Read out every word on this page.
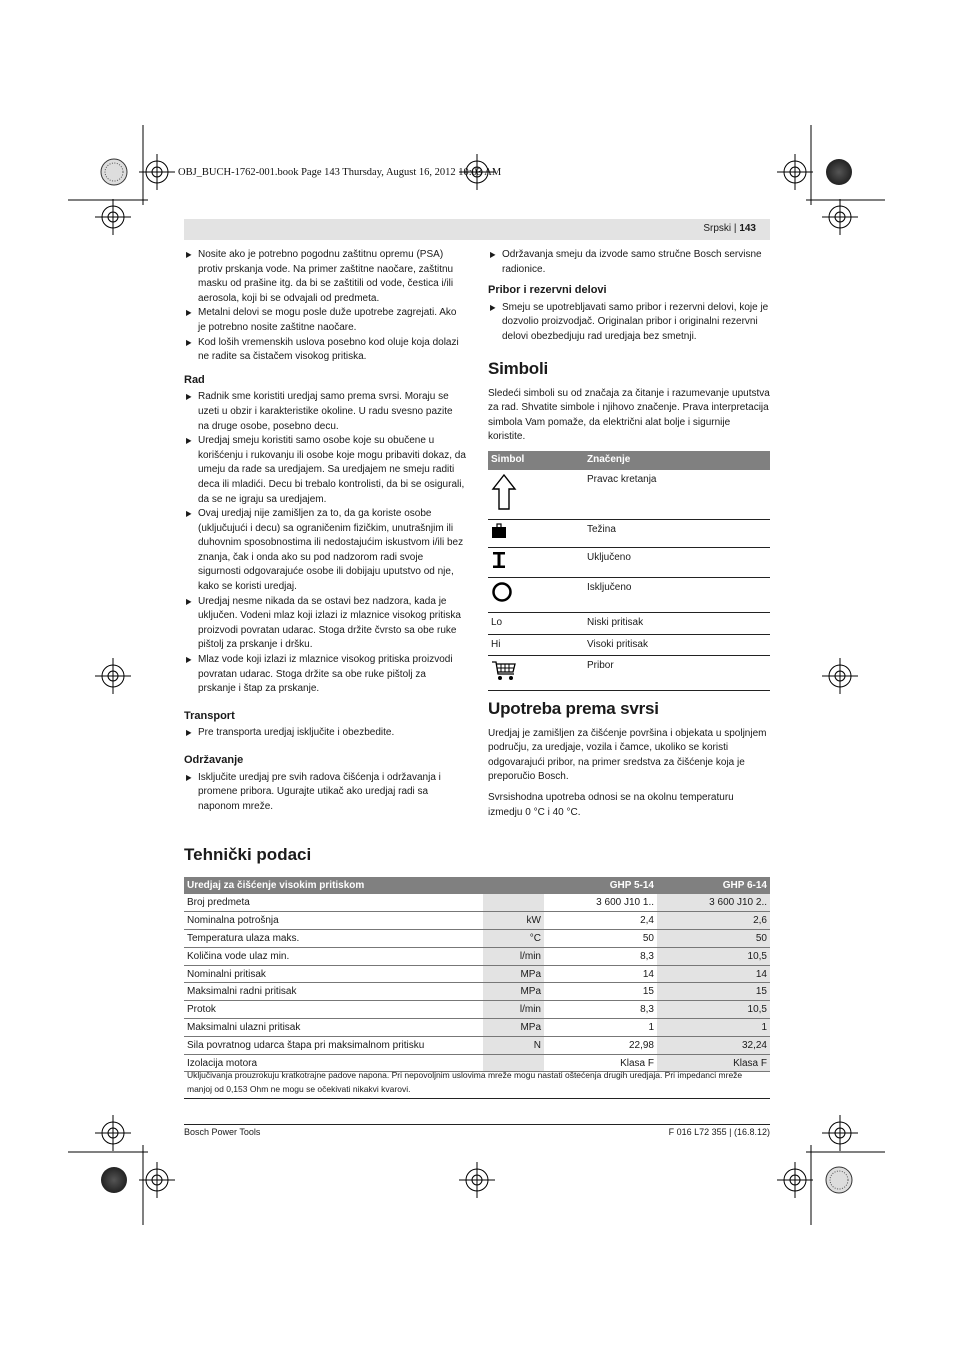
OBJ_BUCH-1762-001.book Page 143 Thursday, August 16, 2012 10:03 AM
Srpski | 143

▶ Nosite ako je potrebno pogodnu zaštitnu opremu (PSA) protiv prskanja vode. Na primer zaštitne naočare, zaštitnu masku od prašine itg. da bi se zaštitili od vode, čestica i/ili aerosola, koji bi se odvajali od predmeta.

▶ Metalni delovi se mogu posle duže upotrebe zagrejati. Ako je potrebno nosite zaštitne naočare.

▶ Kod loših vremenskih uslova posebno kod oluje koja dolazi ne radite sa čistačem visokog pritiska.

Rad

▶ Radnik sme koristiti uredjaj samo prema svrsi. Moraju se uzeti u obzir i karakteristike okoline. U radu svesno pazite na druge osobe, posebno decu.

▶ Uredjaj smeju koristiti samo osobe koje su obučene u korišćenju i rukovanju ili osobe koje mogu pribaviti dokaz, da umeju da rade sa uredjajem. Sa uredjajem ne smeju raditi deca ili mladići. Decu bi trebalo kontrolisti, da bi se osigurali, da se ne igraju sa uredjajem.

▶ Ovaj uredjaj nije zamišljen za to, da ga koriste osobe (uključujući i decu) sa ograničenim fizičkim, unutrašnjim ili duhovnim sposobnostima ili nedostajućim iskustvom i/ili bez znanja, čak i onda ako su pod nadzorom radi svoje sigurnosti odgovarajuće osobe ili dobijaju uputstvo od nje, kako se koristi uredjaj.

▶ Uredjaj nesme nikada da se ostavi bez nadzora, kada je uključen. Vodeni mlaz koji izlazi iz mlaznice visokog pritiska proizvodi povratan udarac. Stoga držite čvrsto sa obe ruke pištolj za prskanje i dršku.

▶ Mlaz vode koji izlazi iz mlaznice visokog pritiska proizvodi povratan udarac. Stoga držite sa obe ruke pištolj za prskanje i štap za prskanje.

Transport

▶ Pre transporta uredjaj isključite i obezbedite.

Održavanje

▶ Isključite uredjaj pre svih radova čišćenja i održavanja i promene pribora. Ugurajte utikač ako uredjaj radi sa naponom mreže.

▶ Održavanja smeju da izvode samo stručne Bosch servisne radionice.

Pribor i rezervni delovi

▶ Smeju se upotrebljavati samo pribor i rezervni delovi, koje je dozvolio proizvodjač. Originalan pribor i originalni rezervni delovi obezbedjuju rad uredjaja bez smetnji.

Simboli

Sledeći simboli su od značaja za čitanje i razumevanje uputstva za rad. Shvatite simbole i njihovo značenje. Pravа interpretacija simbola Vam pomaže, da električni alat bolje i sigurnije koristite.

Simbol	Značenje
	Pravac kretanja
	Težina
	Uključeno
	Isključeno
Lo	Niski pritisak
Hi	Visoki pritisak
	Pribor
Upotreba prema svrsi

Uredjaj je zamišljen za čišćenje površina i objekata u spoljnjem području, za uredjaje, vozila i čamce, ukoliko se koristi odgovarajući pribor, na primer sredstva za čišćenje koja je preporučio Bosch.

Svrsishodna upotreba odnosi se na okolnu temperaturu izmedju 0 °C i 40 °C.

Tehnički podaci
Uredjaj za čišćenje visokim pritiskom		GHP 5-14	GHP 6-14
Broj predmeta		3 600 J10 1..	3 600 J10 2..
Nominalna potrošnja	kW	2,4	2,6
Temperatura ulaza maks.	°C	50	50
Količina vode ulaz min.	l/min	8,3	10,5
Nominalni pritisak	MPa	14	14
Maksimalni radni pritisak	MPa	15	15
Protok	l/min	8,3	10,5
Maksimalni ulazni pritisak	MPa	1	1
Sila povratnog udarca štapa pri maksimalnom pritisku	N	22,98	32,24
Izolacija motora		Klasa F	Klasa F
Uključivanja prouzrokuju kratkotrajne padove napona. Pri nepovoljnim uslovima mreže mogu nastati oštećenja drugih uredjaja. Pri impedanci mreže manjoj od 0,153 Ohm ne mogu se očekivati nikakvi kvarovi.
Bosch Power Tools	F 016 L72 355 | (16.8.12)
